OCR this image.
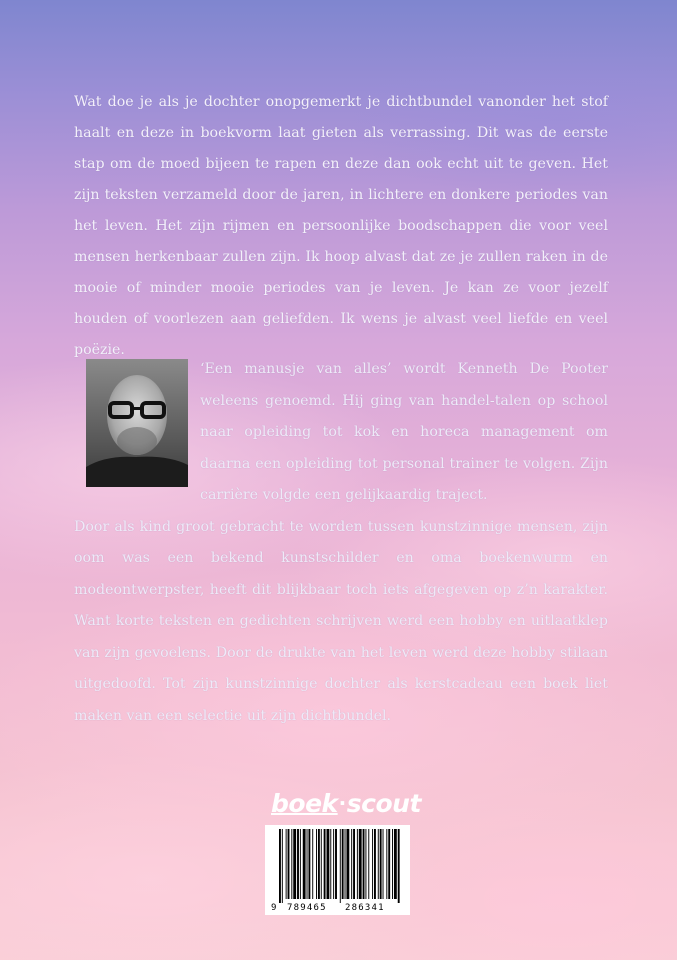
Wat doe je als je dochter onopgemerkt je dichtbundel vanonder het stof haalt en deze in boekvorm laat gieten als verrassing. Dit was de eerste stap om de moed bijeen te rapen en deze dan ook echt uit te geven. Het zijn teksten verzameld door de jaren, in lichtere en donkere periodes van het leven. Het zijn rijmen en persoonlijke boodschappen die voor veel mensen herkenbaar zullen zijn. Ik hoop alvast dat ze je zullen raken in de mooie of minder mooie periodes van je leven. Je kan ze voor jezelf houden of voorlezen aan geliefden. Ik wens je alvast veel liefde en veel poëzie.

‘Een manusje van alles’ wordt Kenneth De Pooter weleens genoemd. Hij ging van handel-talen op school naar opleiding tot kok en horeca management om daarna een opleiding tot personal trainer te volgen. Zijn carrière volgde een gelijkaardig traject.

Door als kind groot gebracht te worden tussen kunstzinnige mensen, zijn oom was een bekend kunstschilder en oma boekenwurm en modeontwerpster, heeft dit blijkbaar toch iets afgegeven op z’n karakter. Want korte teksten en gedichten schrijven werd een hobby en uitlaatklep van zijn gevoelens. Door de drukte van het leven werd deze hobby stilaan uitgedoofd. Tot zijn kunstzinnige dochter als kerstcadeau een boek liet maken van een selectie uit zijn dichtbundel.

boek·scout
9 789465 286341
